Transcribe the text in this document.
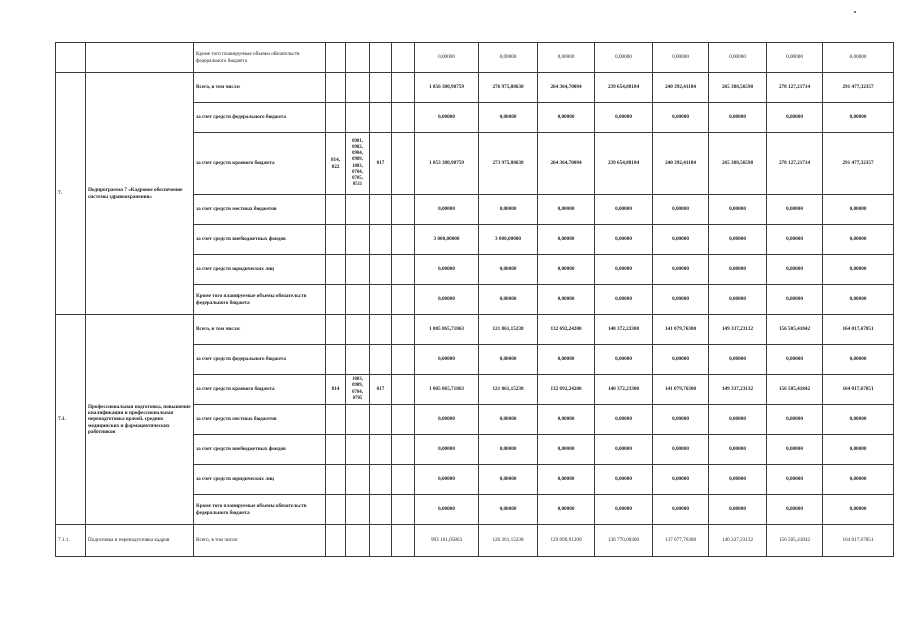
		Кроме того планируемые объемы обязательств федерального бюджета					0,00000	0,00000	0,00000	0,00000	0,00000	0,00000	0,00000	0,00000
7.	Подпрограмма 7 «Кадровое обеспечение системы здравоохранения»	Всего, в том числе:					1 856 380,98759	276 975,88638	264 364,70084	239 654,88184	240 392,41184	265 388,56598	278 127,21714	291 477,32357
		за счет средств федерального бюджета					0,00000	0,00000	0,00000	0,00000	0,00000	0,00000	0,00000	0,00000
		за счет средств краевого бюджета	814, 822	0901, 0902, 0904, 0909, 1003, 0704, 0705, 0511	017		1 853 380,98759	273 975,88638	264 364,70084	239 654,88184	240 392,41184	265 388,56598	278 127,21714	291 477,32357
		за счет средств местных бюджетов					0,00000	0,00000	0,00000	0,00000	0,00000	0,00000	0,00000	0,00000
		за счет средств внебюджетных фондов					3 000,00000	3 000,00000	0,00000	0,00000	0,00000	0,00000	0,00000	0,00000
		за счет средств юридических лиц					0,00000	0,00000	0,00000	0,00000	0,00000	0,00000	0,00000	0,00000
		Кроме того планируемые объемы обязательств федерального бюджета					0,00000	0,00000	0,00000	0,00000	0,00000	0,00000	0,00000	0,00000
7.1.	Профессиональная подготовка, повышение квалификации и профессиональная переподготовка врачей, средних медицинских и фармацевтических работников	Всего, в том числе:					1 005 865,71863	121 861,15238	132 692,24200	140 372,23300	141 079,76300	149 337,23132	156 505,41842	164 017,67851
		за счет средств федерального бюджета					0,00000	0,00000	0,00000	0,00000	0,00000	0,00000	0,00000	0,00000
		за счет средств краевого бюджета	814	1003, 0909, 0704, 0705	017		1 005 865,71863	121 861,15238	132 692,24200	140 372,23300	141 079,76300	149 337,23132	156 505,41842	164 017,67851
		за счет средств местных бюджетов					0,00000	0,00000	0,00000	0,00000	0,00000	0,00000	0,00000	0,00000
		за счет средств внебюджетных фондов					0,00000	0,00000	0,00000	0,00000	0,00000	0,00000	0,00000	0,00000
		за счет средств юридических лиц					0,00000	0,00000	0,00000	0,00000	0,00000	0,00000	0,00000	0,00000
		Кроме того планируемые объемы обязательств федерального бюджета					0,00000	0,00000	0,00000	0,00000	0,00000	0,00000	0,00000	0,00000
7.1.1.	Подготовка и переподготовка кадров	Всего, в том числе:					993 161,05863	120 361,15238	129 090,91200	136 770,00300	137 077,76300	140 337,23132	156 505,41842	164 017,67851
